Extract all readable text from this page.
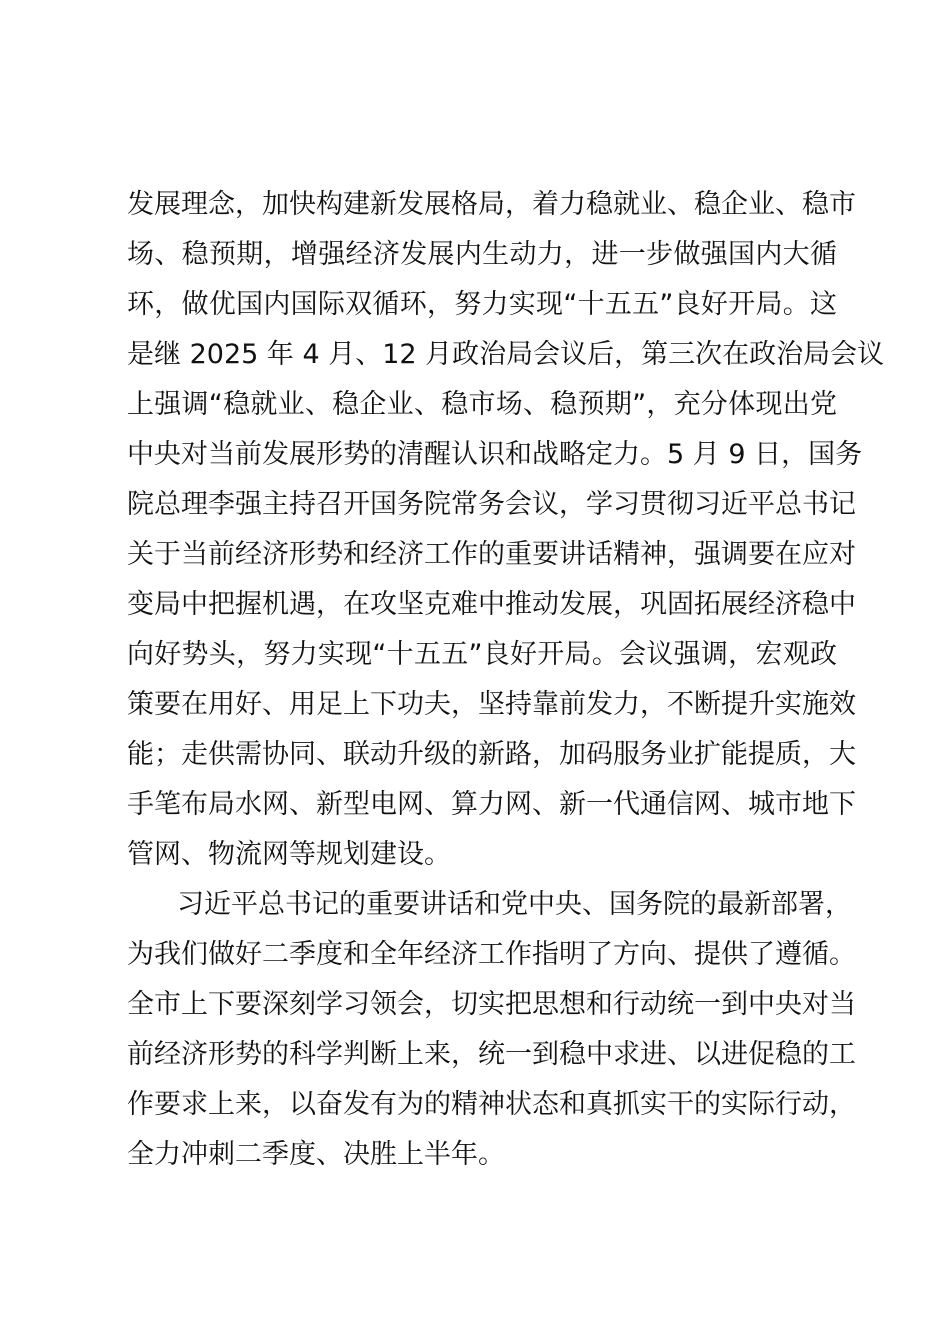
发展理念，加快构建新发展格局，着力稳就业、稳企业、稳市
场、稳预期，增强经济发展内生动力，进一步做强国内大循
环，做优国内国际双循环，努力实现“十五五”良好开局。这
是继 2025 年 4 月、12 月政治局会议后，第三次在政治局会议
上强调“稳就业、稳企业、稳市场、稳预期”，充分体现出党
中央对当前发展形势的清醒认识和战略定力。5 月 9 日，国务
院总理李强主持召开国务院常务会议，学习贯彻习近平总书记
关于当前经济形势和经济工作的重要讲话精神，强调要在应对
变局中把握机遇，在攻坚克难中推动发展，巩固拓展经济稳中
向好势头，努力实现“十五五”良好开局。会议强调，宏观政
策要在用好、用足上下功夫，坚持靠前发力，不断提升实施效
能；走供需协同、联动升级的新路，加码服务业扩能提质，大
手笔布局水网、新型电网、算力网、新一代通信网、城市地下
管网、物流网等规划建设。
习近平总书记的重要讲话和党中央、国务院的最新部署，
为我们做好二季度和全年经济工作指明了方向、提供了遵循。
全市上下要深刻学习领会，切实把思想和行动统一到中央对当
前经济形势的科学判断上来，统一到稳中求进、以进促稳的工
作要求上来，以奋发有为的精神状态和真抓实干的实际行动，
全力冲刺二季度、决胜上半年。
